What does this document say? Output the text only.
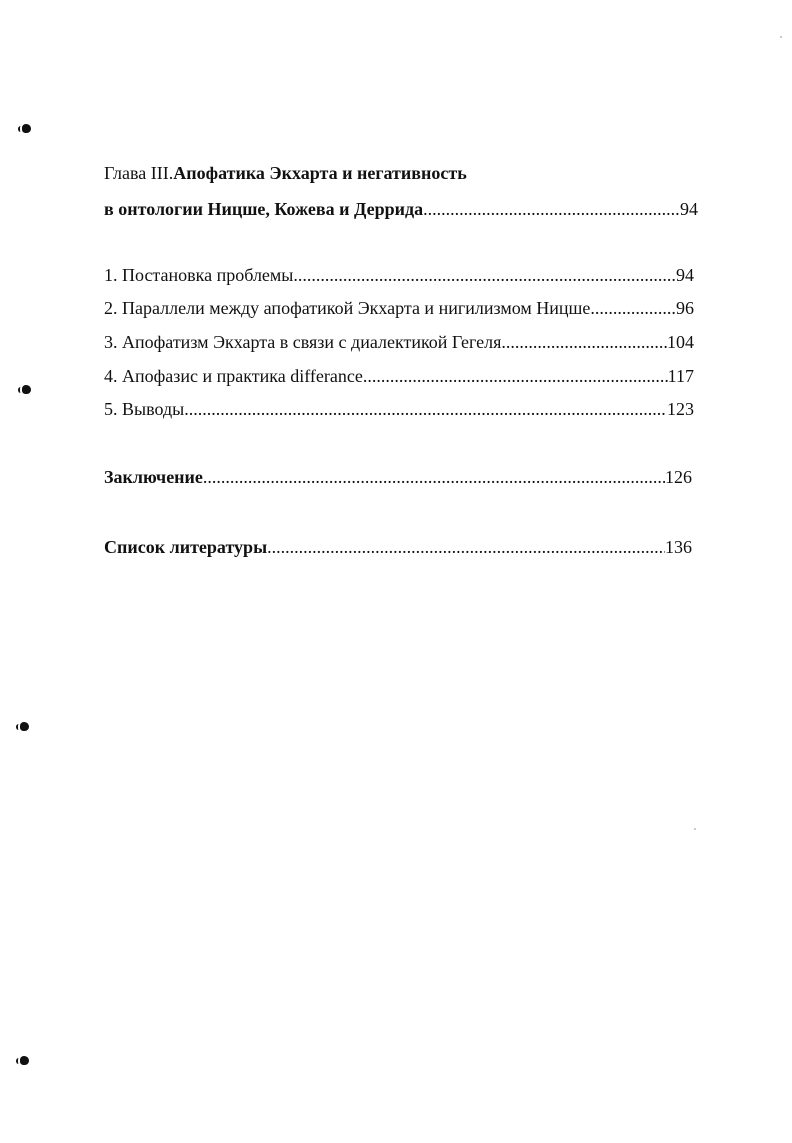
Глава III. Апофатика Экхарта и негативность
в онтологии Ницше, Кожева и Деррида .....	94
1. Постановка проблемы .....	94
2. Параллели между апофатикой Экхарта и нигилизмом Ницше .....	96
3. Апофатизм Экхарта в связи с диалектикой Гегеля .....	104
4. Апофазис и практика differance .....	117
5. Выводы .....	123
Заключение .....	126
Список литературы .....	136
